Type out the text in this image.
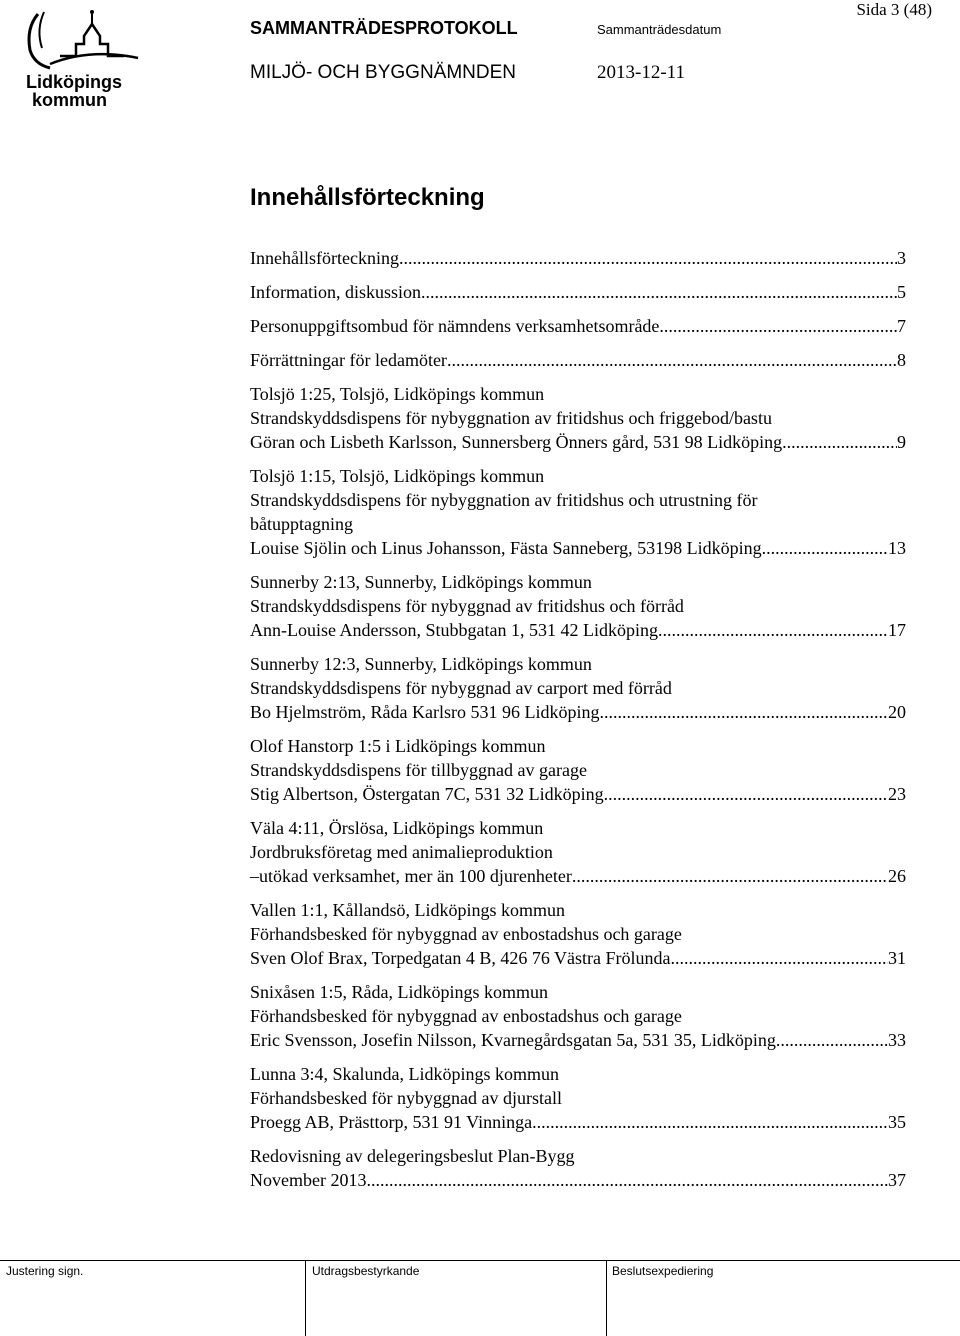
Lidköpings
kommun
Sida 3 (48)
SAMMANTRÄDESPROTOKOLL	Sammanträdesdatum
MILJÖ- OCH BYGGNÄMNDEN	2013-12-11
Innehållsförteckning
Innehållsförteckning .....	3
Information, diskussion .....	5
Personuppgiftsombud för nämndens verksamhetsområde .....	7
Förrättningar för ledamöter .....	8
Tolsjö 1:25, Tolsjö, Lidköpings kommun
Strandskyddsdispens för nybyggnation av fritidshus och friggebod/bastu
Göran och Lisbeth Karlsson, Sunnersberg Önners gård, 531 98 Lidköping .....	9
Tolsjö 1:15, Tolsjö, Lidköpings kommun
Strandskyddsdispens för nybyggnation av fritidshus och utrustning för
båtupptagning
Louise Sjölin och Linus Johansson, Fästa Sanneberg, 53198 Lidköping .....	13
Sunnerby 2:13, Sunnerby, Lidköpings kommun
Strandskyddsdispens för nybyggnad av fritidshus och förråd
Ann-Louise Andersson, Stubbgatan 1, 531 42 Lidköping .....	17
Sunnerby 12:3, Sunnerby, Lidköpings kommun
Strandskyddsdispens för nybyggnad av carport med förråd
Bo Hjelmström, Råda Karlsro 531 96 Lidköping .....	20
Olof Hanstorp 1:5 i Lidköpings kommun
Strandskyddsdispens för tillbyggnad av garage
Stig Albertson, Östergatan 7C, 531 32 Lidköping .....	23
Väla 4:11, Örslösa, Lidköpings kommun
Jordbruksföretag med animalieproduktion
–utökad verksamhet, mer än 100 djurenheter .....	26
Vallen 1:1, Kållandsö, Lidköpings kommun
Förhandsbesked för nybyggnad av enbostadshus och garage
Sven Olof Brax, Torpedgatan 4 B, 426 76 Västra Frölunda .....	31
Snixåsen 1:5, Råda, Lidköpings kommun
Förhandsbesked för nybyggnad av enbostadshus och garage
Eric Svensson, Josefin Nilsson, Kvarnegårdsgatan 5a, 531 35, Lidköping .....	33
Lunna 3:4, Skalunda, Lidköpings kommun
Förhandsbesked för nybyggnad av djurstall
Proegg AB, Prästtorp, 531 91 Vinninga .....	35
Redovisning av delegeringsbeslut Plan-Bygg
November 2013 .....	37
Justering sign.	Utdragsbestyrkande	Beslutsexpediering
